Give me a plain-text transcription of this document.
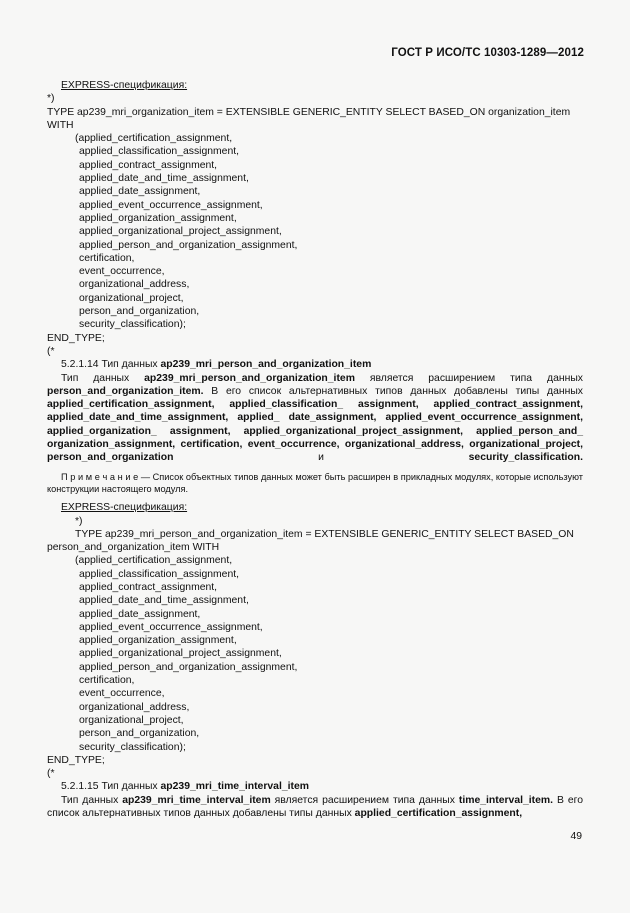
ГОСТ Р ИСО/ТС 10303-1289—2012
EXPRESS-спецификация:
*)
TYPE ap239_mri_organization_item = EXTENSIBLE GENERIC_ENTITY SELECT BASED_ON organization_item
WITH
(applied_certification_assignment,
applied_classification_assignment,
applied_contract_assignment,
applied_date_and_time_assignment,
applied_date_assignment,
applied_event_occurrence_assignment,
applied_organization_assignment,
applied_organizational_project_assignment,
applied_person_and_organization_assignment,
certification,
event_occurrence,
organizational_address,
organizational_project,
person_and_organization,
security_classification);
END_TYPE;
(*
5.2.1.14 Тип данных ap239_mri_person_and_organization_item
Тип данных ap239_mri_person_and_organization_item является расширением типа данных person_and_organization_item. В его список альтернативных типов данных добавлены типы данных applied_certification_assignment, applied_classification_ assignment, applied_contract_assignment, applied_date_and_time_assignment, applied_ date_assignment, applied_event_occurrence_assignment, applied_organization_ assignment, applied_organizational_project_assignment, applied_person_and_ organization_assignment, certification, event_occurrence, organizational_address, organizational_project, person_and_organization и security_classification.
П р и м е ч а н и е — Список объектных типов данных может быть расширен в прикладных модулях, которые используют конструкции настоящего модуля.
EXPRESS-спецификация:
*)
TYPE ap239_mri_person_and_organization_item = EXTENSIBLE GENERIC_ENTITY SELECT BASED_ON
person_and_organization_item WITH
(applied_certification_assignment,
applied_classification_assignment,
applied_contract_assignment,
applied_date_and_time_assignment,
applied_date_assignment,
applied_event_occurrence_assignment,
applied_organization_assignment,
applied_organizational_project_assignment,
applied_person_and_organization_assignment,
certification,
event_occurrence,
organizational_address,
organizational_project,
person_and_organization,
security_classification);
END_TYPE;
(*
5.2.1.15 Тип данных ap239_mri_time_interval_item
Тип данных ap239_mri_time_interval_item является расширением типа данных time_interval_item. В его список альтернативных типов данных добавлены типы данных applied_certification_assignment,
49
